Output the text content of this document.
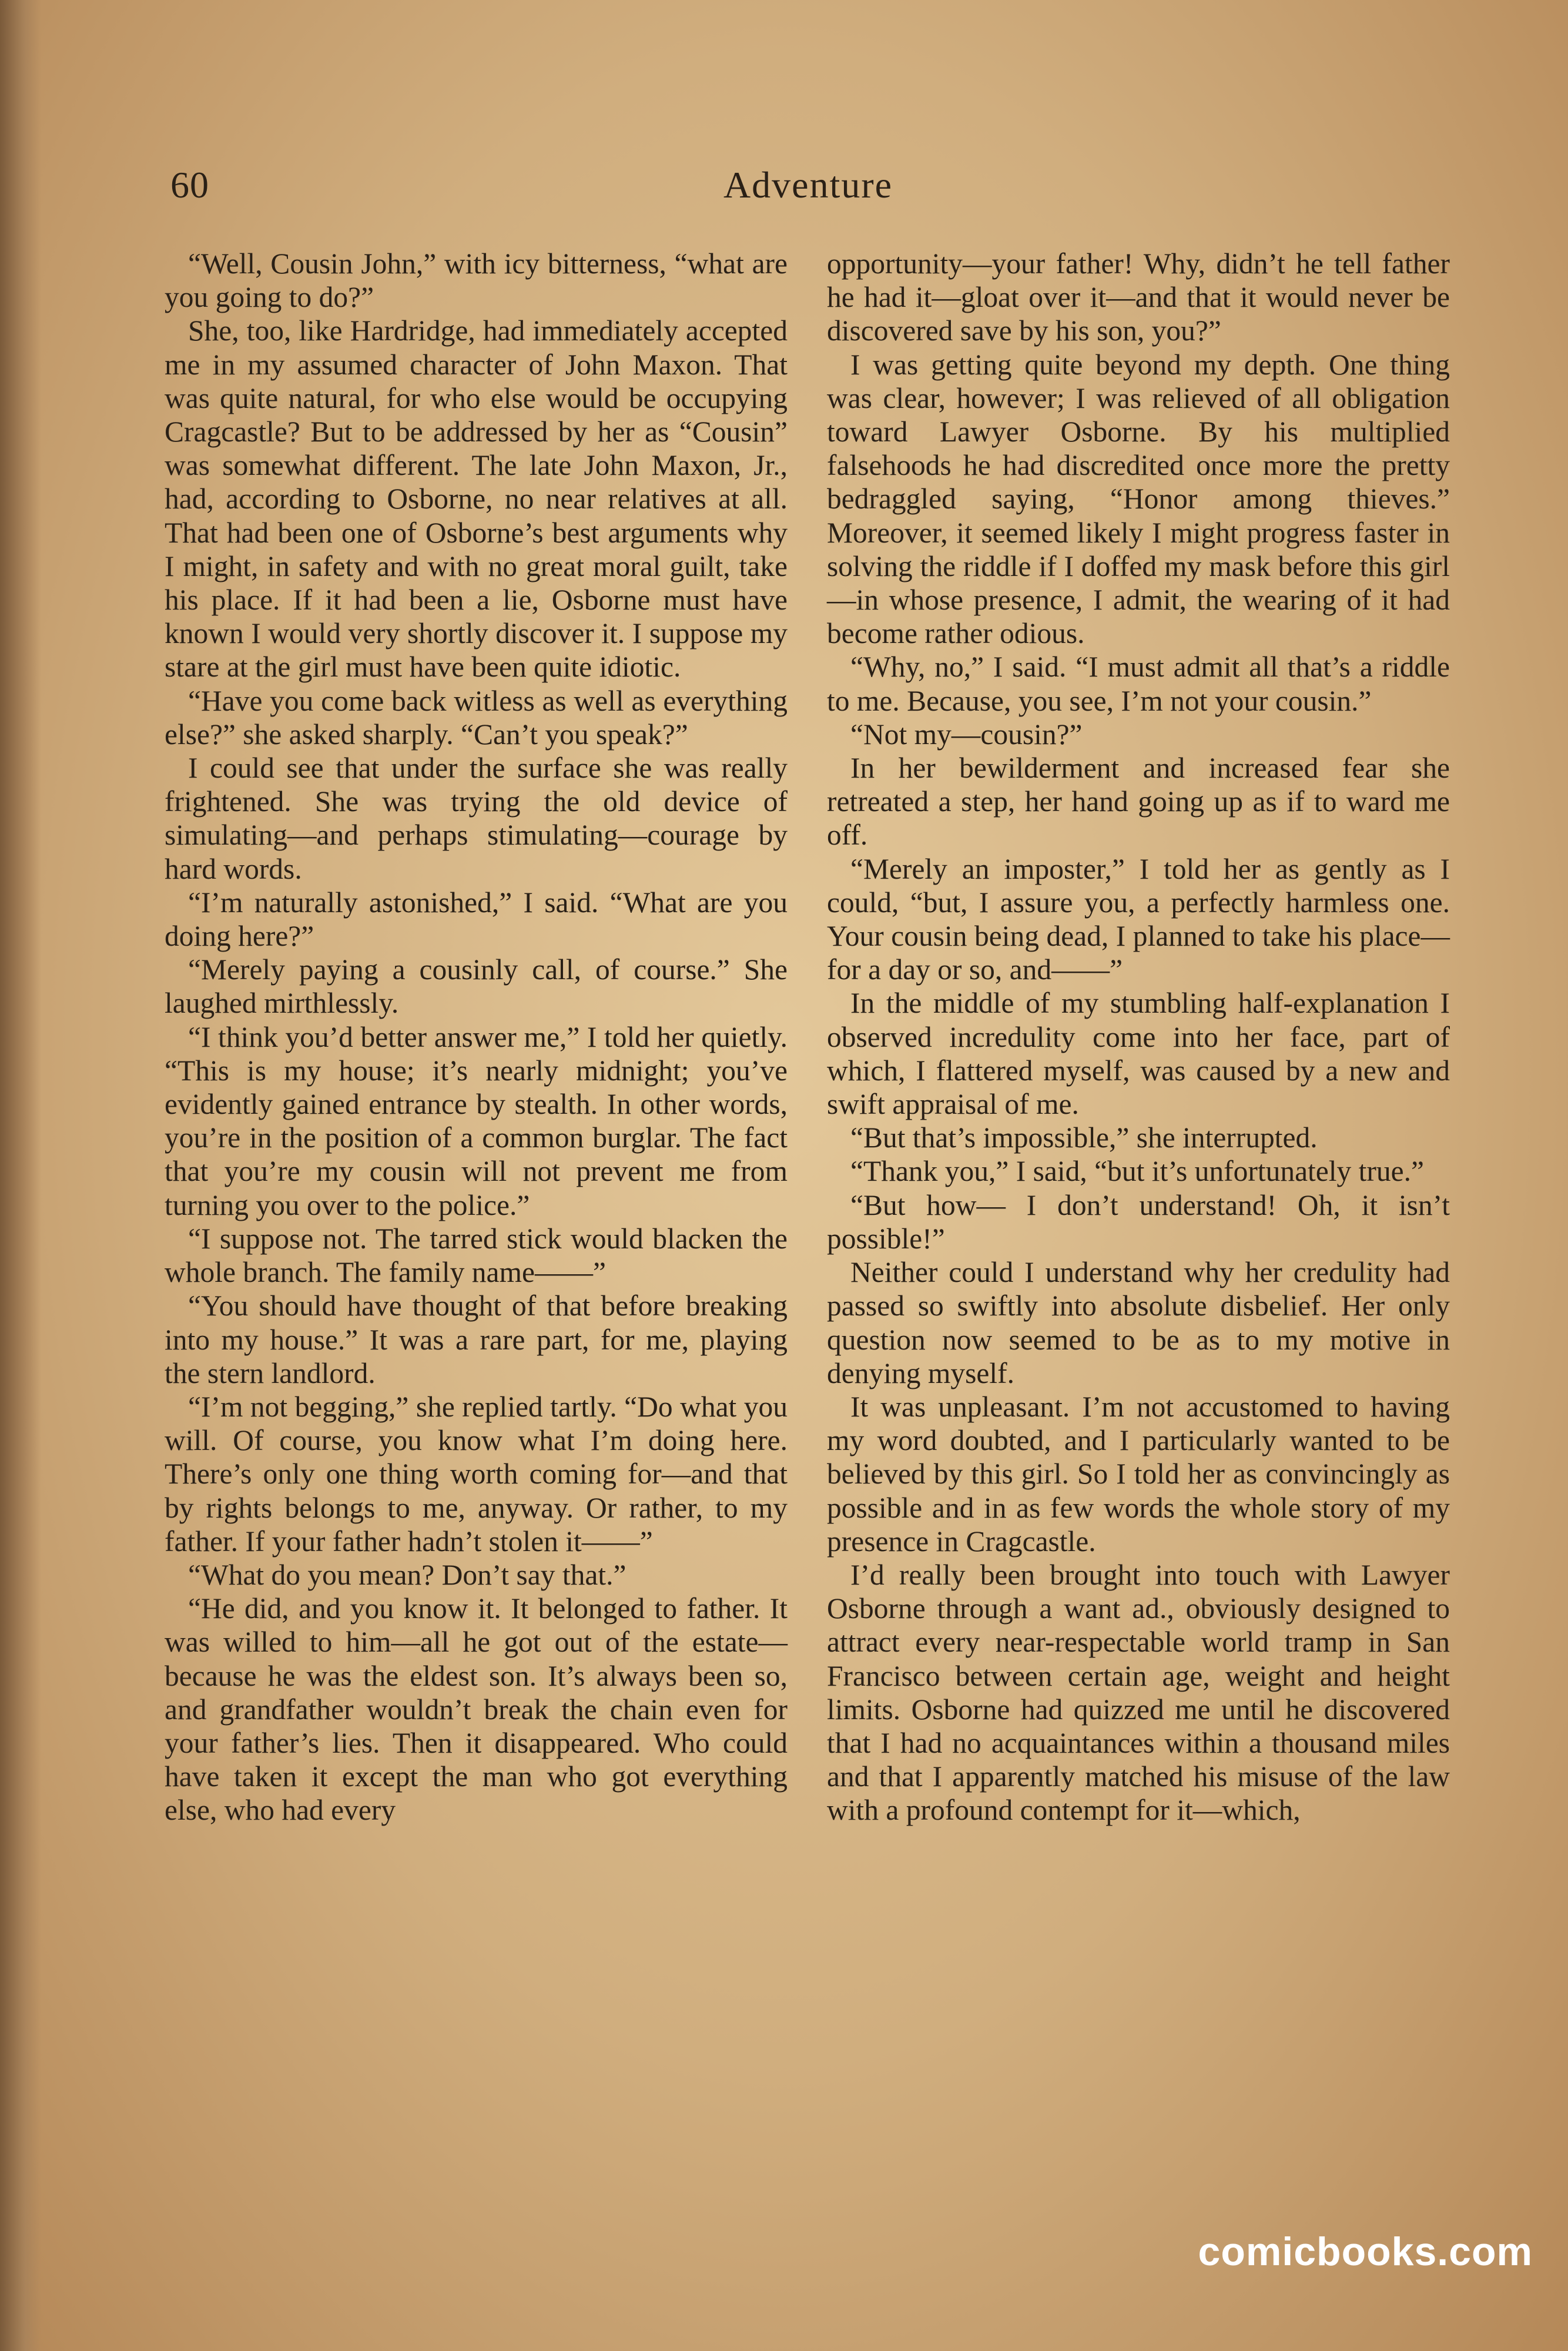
60	Adventure

“Well, Cousin John,” with icy bitterness, “what are you going to do?”

She, too, like Hardridge, had immediately accepted me in my assumed character of John Maxon. That was quite natural, for who else would be occupying Cragcastle? But to be addressed by her as “Cousin” was somewhat different. The late John Maxon, Jr., had, according to Osborne, no near relatives at all. That had been one of Osborne’s best arguments why I might, in safety and with no great moral guilt, take his place. If it had been a lie, Osborne must have known I would very shortly discover it. I suppose my stare at the girl must have been quite idiotic.

“Have you come back witless as well as everything else?” she asked sharply. “Can’t you speak?”

I could see that under the surface she was really frightened. She was trying the old device of simulating—and perhaps stimulating—courage by hard words.

“I’m naturally astonished,” I said. “What are you doing here?”

“Merely paying a cousinly call, of course.” She laughed mirthlessly.

“I think you’d better answer me,” I told her quietly. “This is my house; it’s nearly midnight; you’ve evidently gained entrance by stealth. In other words, you’re in the position of a common burglar. The fact that you’re my cousin will not prevent me from turning you over to the police.”

“I suppose not. The tarred stick would blacken the whole branch. The family name——”

“You should have thought of that before breaking into my house.” It was a rare part, for me, playing the stern landlord.

“I’m not begging,” she replied tartly. “Do what you will. Of course, you know what I’m doing here. There’s only one thing worth coming for—and that by rights belongs to me, anyway. Or rather, to my father. If your father hadn’t stolen it——”

“What do you mean? Don’t say that.”

“He did, and you know it. It belonged to father. It was willed to him—all he got out of the estate—because he was the eldest son. It’s always been so, and grandfather wouldn’t break the chain even for your father’s lies. Then it disappeared. Who could have taken it except the man who got everything else, who had every

opportunity—your father! Why, didn’t he tell father he had it—gloat over it—and that it would never be discovered save by his son, you?”

I was getting quite beyond my depth. One thing was clear, however; I was relieved of all obligation toward Lawyer Osborne. By his multiplied falsehoods he had discredited once more the pretty bedraggled saying, “Honor among thieves.” Moreover, it seemed likely I might progress faster in solving the riddle if I doffed my mask before this girl—in whose presence, I admit, the wearing of it had become rather odious.

“Why, no,” I said. “I must admit all that’s a riddle to me. Because, you see, I’m not your cousin.”

“Not my—cousin?”

In her bewilderment and increased fear she retreated a step, her hand going up as if to ward me off.

“Merely an imposter,” I told her as gently as I could, “but, I assure you, a perfectly harmless one. Your cousin being dead, I planned to take his place—for a day or so, and——”

In the middle of my stumbling half-explanation I observed incredulity come into her face, part of which, I flattered myself, was caused by a new and swift appraisal of me.

“But that’s impossible,” she interrupted.

“Thank you,” I said, “but it’s unfortunately true.”

“But how— I don’t understand! Oh, it isn’t possible!”

Neither could I understand why her credulity had passed so swiftly into absolute disbelief. Her only question now seemed to be as to my motive in denying myself.

It was unpleasant. I’m not accustomed to having my word doubted, and I particularly wanted to be believed by this girl. So I told her as convincingly as possible and in as few words the whole story of my presence in Cragcastle.

I’d really been brought into touch with Lawyer Osborne through a want ad., obviously designed to attract every near-respectable world tramp in San Francisco between certain age, weight and height limits. Osborne had quizzed me until he discovered that I had no acquaintances within a thousand miles and that I apparently matched his misuse of the law with a profound contempt for it—which,

comicbooks.com
